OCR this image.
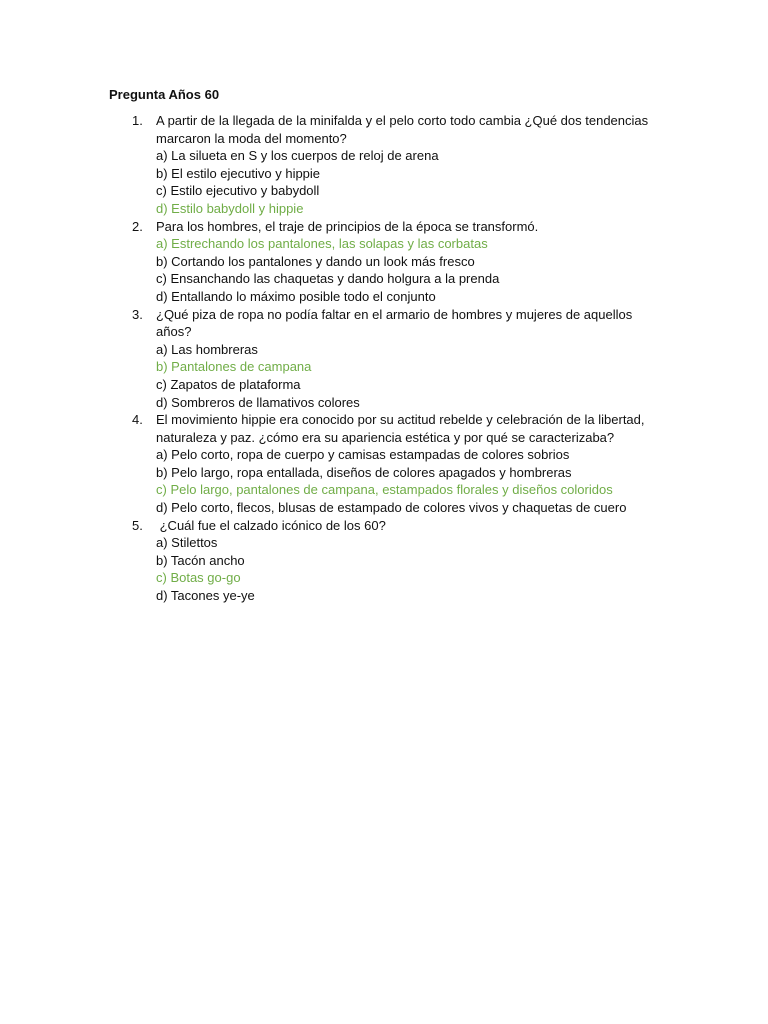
Pregunta Años 60
1. A partir de la llegada de la minifalda y el pelo corto todo cambia ¿Qué dos tendencias marcaron la moda del momento?
a) La silueta en S y los cuerpos de reloj de arena
b) El estilo ejecutivo y hippie
c) Estilo ejecutivo y babydoll
d) Estilo babydoll y hippie
2. Para los hombres, el traje de principios de la época se transformó.
a) Estrechando los pantalones, las solapas y las corbatas
b) Cortando los pantalones y dando un look más fresco
c) Ensanchando las chaquetas y dando holgura a la prenda
d) Entallando lo máximo posible todo el conjunto
3. ¿Qué piza de ropa no podía faltar en el armario de hombres y mujeres de aquellos años?
a) Las hombreras
b) Pantalones de campana
c) Zapatos de plataforma
d) Sombreros de llamativos colores
4. El movimiento hippie era conocido por su actitud rebelde y celebración de la libertad, naturaleza y paz. ¿cómo era su apariencia estética y por qué se caracterizaba?
a) Pelo corto, ropa de cuerpo y camisas estampadas de colores sobrios
b) Pelo largo, ropa entallada, diseños de colores apagados y hombreras
c) Pelo largo, pantalones de campana, estampados florales y diseños coloridos
d) Pelo corto, flecos, blusas de estampado de colores vivos y chaquetas de cuero
5. ¿Cuál fue el calzado icónico de los 60?
a) Stilettos
b) Tacón ancho
c) Botas go-go
d) Tacones ye-ye
